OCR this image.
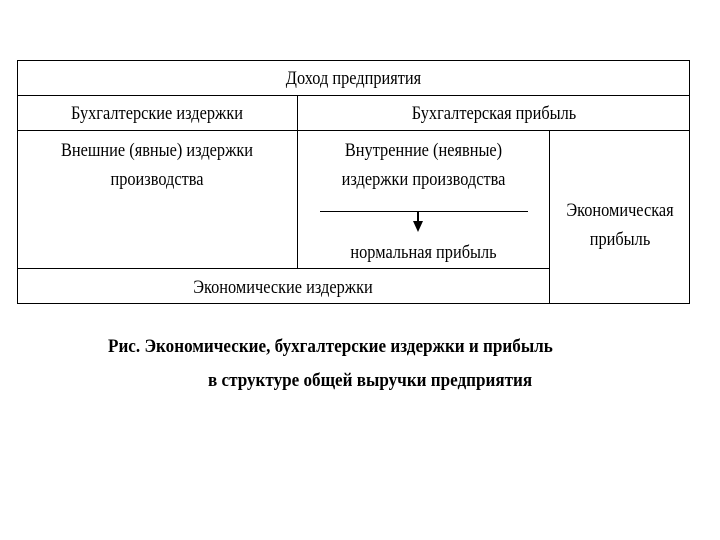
Доход предприятия
Бухгалтерские издержки	Бухгалтерская прибыль
Внешние (явные) издержки
производства
Внутренние (неявные)
издержки производства
нормальная прибыль
Экономическая
прибыль
Экономические издержки
Рис. Экономические, бухгалтерские издержки и прибыль
в структуре общей выручки предприятия
